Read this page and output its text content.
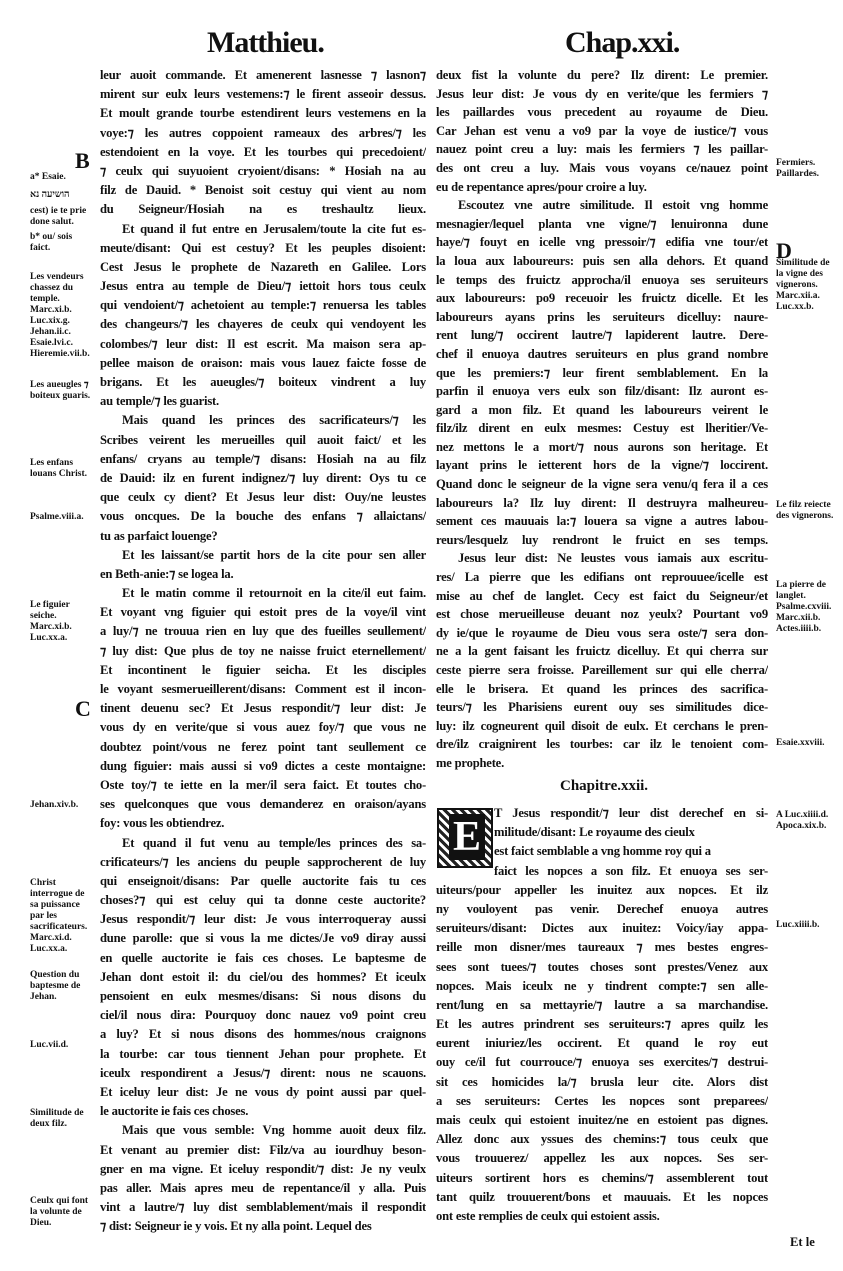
Matthieu.	Chap.xxi.
leur auoit commande. Et amenerent lasnesse ⁊ lasnon⁊
mirent sur eulx leurs vestemens:⁊ le firent asseoir dessus.
Et moult grande tourbe estendirent leurs vestemens en la
voye:⁊ les autres coppoient rameaux des arbres/⁊ les
estendoient en la voye. Et les tourbes qui precedoient/
⁊ ceulx qui suyuoient cryoient/disans: * Hosiah na au
filz de Dauid. * Benoist soit cestuy qui vient au nom
du Seigneur/Hosiah na es treshaultz lieux.
Et quand il fut entre en Jerusalem/toute la cite fut es-
meute/disant: Qui est cestuy? Et les peuples disoient:
Cest Jesus le prophete de Nazareth en Galilee. Lors
Jesus entra au temple de Dieu/⁊ iettoit hors tous ceulx
qui vendoient/⁊ achetoient au temple:⁊ renuersa les tables
des changeurs/⁊ les chayeres de ceulx qui vendoyent les
colombes/⁊ leur dist: Il est escrit. Ma maison sera ap-
pellee maison de oraison: mais vous lauez faicte fosse de
brigans. Et les aueugles/⁊ boiteux vindrent a luy
au temple/⁊ les guarist.
Mais quand les princes des sacrificateurs/⁊ les
Scribes veirent les merueilles quil auoit faict/ et les
enfans/ cryans au temple/⁊ disans: Hosiah na au filz
de Dauid: ilz en furent indignez/⁊ luy dirent: Oys tu ce
que ceulx cy dient? Et Jesus leur dist: Ouy/ne leustes
vous oncques. De la bouche des enfans ⁊ allaictans/
tu as parfaict louenge?
Et les laissant/se partit hors de la cite pour sen aller
en Beth-anie:⁊ se logea la.
Et le matin comme il retournoit en la cite/il eut faim.
Et voyant vng figuier qui estoit pres de la voye/il vint
a luy/⁊ ne trouua rien en luy que des fueilles seullement/
⁊ luy dist: Que plus de toy ne naisse fruict eternellement/
Et incontinent le figuier seicha. Et les disciples
le voyant sesmerueillerent/disans: Comment est il incon-
tinent deuenu sec? Et Jesus respondit/⁊ leur dist: Je
vous dy en verite/que si vous auez foy/⁊ que vous ne
doubtez point/vous ne ferez point tant seullement ce
dung figuier: mais aussi si vo9 dictes a ceste montaigne:
Oste toy/⁊ te iette en la mer/il sera faict. Et toutes cho-
ses quelconques que vous demanderez en oraison/ayans
foy: vous les obtiendrez.
Et quand il fut venu au temple/les princes des sa-
crificateurs/⁊ les anciens du peuple sapprocherent de luy
qui enseignoit/disans: Par quelle auctorite fais tu ces
choses?⁊ qui est celuy qui ta donne ceste auctorite?
Jesus respondit/⁊ leur dist: Je vous interroqueray aussi
dune parolle: que si vous la me dictes/Je vo9 diray aussi
en quelle auctorite ie fais ces choses. Le baptesme de
Jehan dont estoit il: du ciel/ou des hommes? Et iceulx
pensoient en eulx mesmes/disans: Si nous disons du
ciel/il nous dira: Pourquoy donc nauez vo9 point creu
a luy? Et si nous disons des hommes/nous craignons
la tourbe: car tous tiennent Jehan pour prophete. Et
iceulx respondirent a Jesus/⁊ dirent: nous ne scauons.
Et iceluy leur dist: Je ne vous dy point aussi par quel-
le auctorite ie fais ces choses.
Mais que vous semble: Vng homme auoit deux filz.
Et venant au premier dist: Filz/va au iourdhuy beson-
gner en ma vigne. Et iceluy respondit/⁊ dist: Je ny veulx
pas aller. Mais apres meu de repentance/il y alla. Puis
vint a lautre/⁊ luy dist semblablement/mais il respondit
⁊ dist: Seigneur ie y vois. Et ny alla point. Lequel des
deux fist la volunte du pere? Ilz dirent: Le premier.
Jesus leur dist: Je vous dy en verite/que les fermiers ⁊
les paillardes vous precedent au royaume de Dieu.
Car Jehan est venu a vo9 par la voye de iustice/⁊ vous
nauez point creu a luy: mais les fermiers ⁊ les paillar-
des ont creu a luy. Mais vous voyans ce/nauez point
eu de repentance apres/pour croire a luy.
Escoutez vne autre similitude. Il estoit vng homme
mesnagier/lequel planta vne vigne/⁊ lenuironna dune
haye/⁊ fouyt en icelle vng pressoir/⁊ edifia vne tour/et
la loua aux laboureurs: puis sen alla dehors. Et quand
le temps des fruictz approcha/il enuoya ses seruiteurs
aux laboureurs: po9 receuoir les fruictz dicelle. Et les
laboureurs ayans prins les seruiteurs dicelluy: naure-
rent lung/⁊ occirent lautre/⁊ lapiderent lautre. Dere-
chef il enuoya dautres seruiteurs en plus grand nombre
que les premiers:⁊ leur firent semblablement. En la
parfin il enuoya vers eulx son filz/disant: Ilz auront es-
gard a mon filz. Et quand les laboureurs veirent le
filz/ilz dirent en eulx mesmes: Cestuy est lheritier/Ve-
nez mettons le a mort/⁊ nous aurons son heritage. Et
layant prins le ietterent hors de la vigne/⁊ loccirent.
Quand donc le seigneur de la vigne sera venu/q fera il a ces
laboureurs la? Ilz luy dirent: Il destruyra malheureu-
sement ces mauuais la:⁊ louera sa vigne a autres labou-
reurs/lesquelz luy rendront le fruict en ses temps.
Jesus leur dist: Ne leustes vous iamais aux escritu-
res/ La pierre que les edifians ont reprouuee/icelle est
mise au chef de langlet. Cecy est faict du Seigneur/et
est chose merueilleuse deuant noz yeulx? Pourtant vo9
dy ie/que le royaume de Dieu vous sera oste/⁊ sera don-
ne a la gent faisant les fruictz dicelluy. Et qui cherra sur
ceste pierre sera froisse. Pareillement sur qui elle cherra/
elle le brisera. Et quand les princes des sacrifica-
teurs/⁊ les Pharisiens eurent ouy ses similitudes dice-
luy: ilz cogneurent quil disoit de eulx. Et cerchans le pren-
dre/ilz craignirent les tourbes: car ilz le tenoient com-
me prophete.
Chapitre.xxii.
E
T Jesus respondit/⁊ leur dist derechef en si-
militude/disant: Le royaume des cieulx
est faict semblable a vng homme roy qui a
faict les nopces a son filz. Et enuoya ses ser-
uiteurs/pour appeller les inuitez aux nopces. Et ilz
ny vouloyent pas venir. Derechef enuoya autres
seruiteurs/disant: Dictes aux inuitez: Voicy/iay appa-
reille mon disner/mes taureaux ⁊ mes bestes engres-
sees sont tuees/⁊ toutes choses sont prestes/Venez aux
nopces. Mais iceulx ne y tindrent compte:⁊ sen alle-
rent/lung en sa mettayrie/⁊ lautre a sa marchandise.
Et les autres prindrent ses seruiteurs:⁊ apres quilz les
eurent iniuriez/les occirent. Et quand le roy eut
ouy ce/il fut courrouce/⁊ enuoya ses exercites/⁊ destrui-
sit ces homicides la/⁊ brusla leur cite. Alors dist
a ses seruiteurs: Certes les nopces sont preparees/
mais ceulx qui estoient inuitez/ne en estoient pas dignes.
Allez donc aux yssues des chemins:⁊ tous ceulx que
vous trouuerez/ appellez les aux nopces. Ses ser-
uiteurs sortirent hors es chemins/⁊ assemblerent tout
tant quilz trouuerent/bons et mauuais. Et les nopces
ont este remplies de ceulx qui estoient assis.
Et le
B
a* Esaie.
הושיעה נא
cest) ie te prie done salut.
b* ou/ sois faict.
Les vendeurs chassez du temple. Marc.xi.b. Luc.xix.g. Jehan.ii.c. Esaie.lvi.c. Hieremie.vii.b.
Les aueugles ⁊ boiteux guaris.
Les enfans louans Christ.
Psalme.viii.a.
Le figuier seiche. Marc.xi.b. Luc.xx.a.
C
Jehan.xiv.b.
Christ interrogue de sa puissance par les sacrificateurs. Marc.xi.d. Luc.xx.a.
Question du baptesme de Jehan.
Luc.vii.d.
Similitude de deux filz.
Ceulx qui font la volunte de Dieu.
Fermiers. Paillardes.
D
Similitude de la vigne des vignerons. Marc.xii.a. Luc.xx.b.
Le filz reiecte des vignerons.
La pierre de langlet. Psalme.cxviii. Marc.xii.b. Actes.iiii.b.
Esaie.xxviii.
A Luc.xiiii.d. Apoca.xix.b.
Luc.xiiii.b.
